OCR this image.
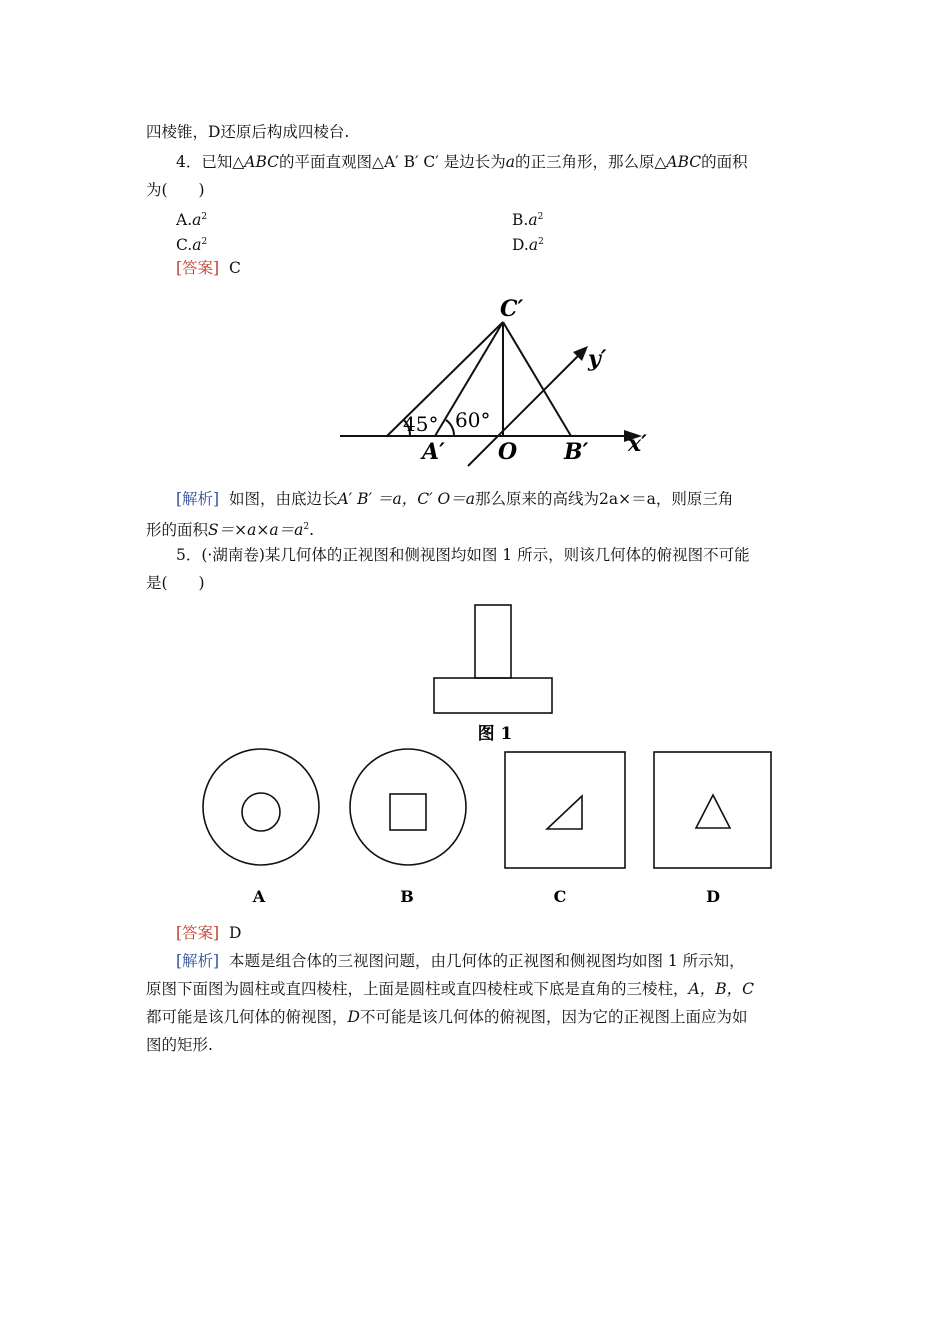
四棱锥，D还原后构成四棱台.
4．已知△ABC的平面直观图△A′ B′ C′ 是边长为a的正三角形，那么原△ABC的面积
为(　　)
$A.a^2$	$B.a^2$
$C.a^2$	$D.a^2$
[答案] C
C′
y′
x′
A′ O B′
45° 60°
[解析] 如图，由底边长A′ B′ ＝a，C′ O＝a那么原来的高线为2a×＝a，则原三角
形的面积$S=\times a\times a=a^2$.
5．(·湖南卷)某几何体的正视图和侧视图均如图 1 所示，则该几何体的俯视图不可能
是(　　)
图 1
A	B	C	D
[答案] D
[解析] 本题是组合体的三视图问题，由几何体的正视图和侧视图均如图 1 所示知，
原图下面图为圆柱或直四棱柱，上面是圆柱或直四棱柱或下底是直角的三棱柱，A，B，C
都可能是该几何体的俯视图，D不可能是该几何体的俯视图，因为它的正视图上面应为如
图的矩形.
